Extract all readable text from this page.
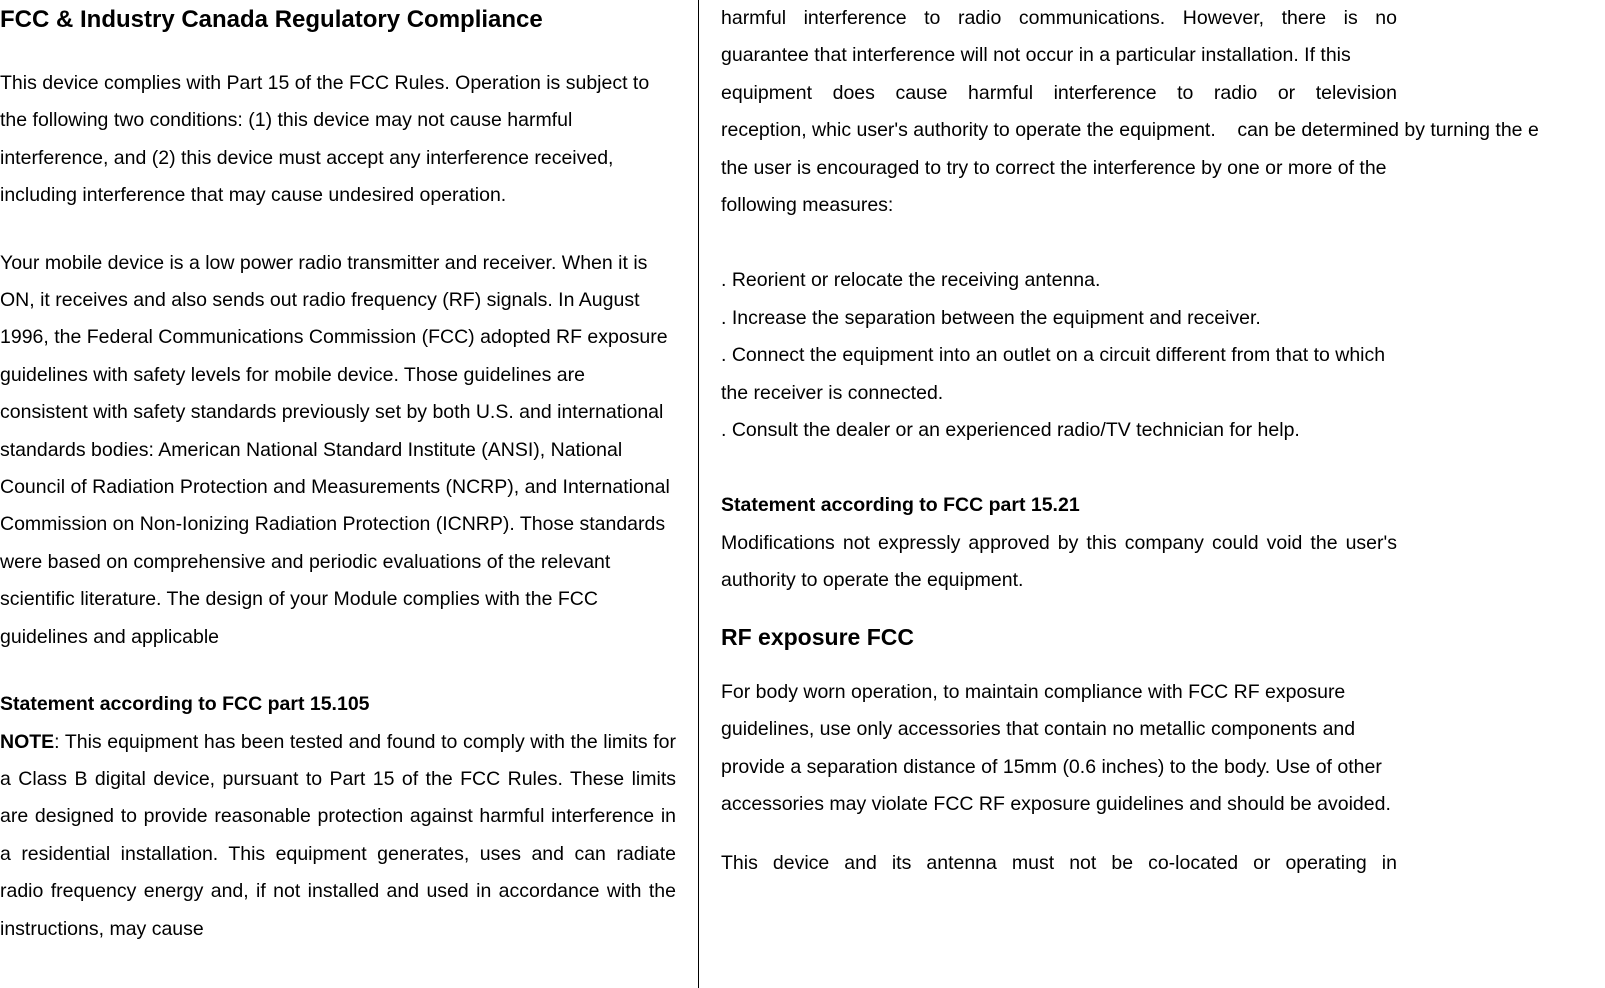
FCC & Industry Canada Regulatory Compliance

This device complies with Part 15 of the FCC Rules. Operation is subject to the following two conditions: (1) this device may not cause harmful interference, and (2) this device must accept any interference received, including interference that may cause undesired operation.

Your mobile device is a low power radio transmitter and receiver. When it is ON, it receives and also sends out radio frequency (RF) signals. In August 1996, the Federal Communications Commission (FCC) adopted RF exposure guidelines with safety levels for mobile device. Those guidelines are consistent with safety standards previously set by both U.S. and international standards bodies: American National Standard Institute (ANSI), National Council of Radiation Protection and Measurements (NCRP), and International Commission on Non-Ionizing Radiation Protection (ICNRP). Those standards were based on comprehensive and periodic evaluations of the relevant scientific literature. The design of your Module complies with the FCC guidelines and applicable

Statement according to FCC part 15.105

NOTE: This equipment has been tested and found to comply with the limits for a Class B digital device, pursuant to Part 15 of the FCC Rules. These limits are designed to provide reasonable protection against harmful interference in a residential installation. This equipment generates, uses and can radiate radio frequency energy and, if not installed and used in accordance with the instructions, may cause

harmful interference to radio communications. However, there is no

guarantee that interference will not occur in a particular installation. If this

equipment does cause harmful interference to radio or television

reception, whic user's authority to operate the equipment.    can be determined by turning the e

the user is encouraged to try to correct the interference by one or more of the following measures:

. Reorient or relocate the receiving antenna.

. Increase the separation between the equipment and receiver.

. Connect the equipment into an outlet on a circuit different from that to which the receiver is connected.

. Consult the dealer or an experienced radio/TV technician for help.

Statement according to FCC part 15.21

Modifications not expressly approved by this company could void the user's authority to operate the equipment.

RF exposure FCC

For body worn operation, to maintain compliance with FCC RF exposure guidelines, use only accessories that contain no metallic components and provide a separation distance of 15mm (0.6 inches) to the body. Use of other accessories may violate FCC RF exposure guidelines and should be avoided.

This device and its antenna must not be co-located or operating in
